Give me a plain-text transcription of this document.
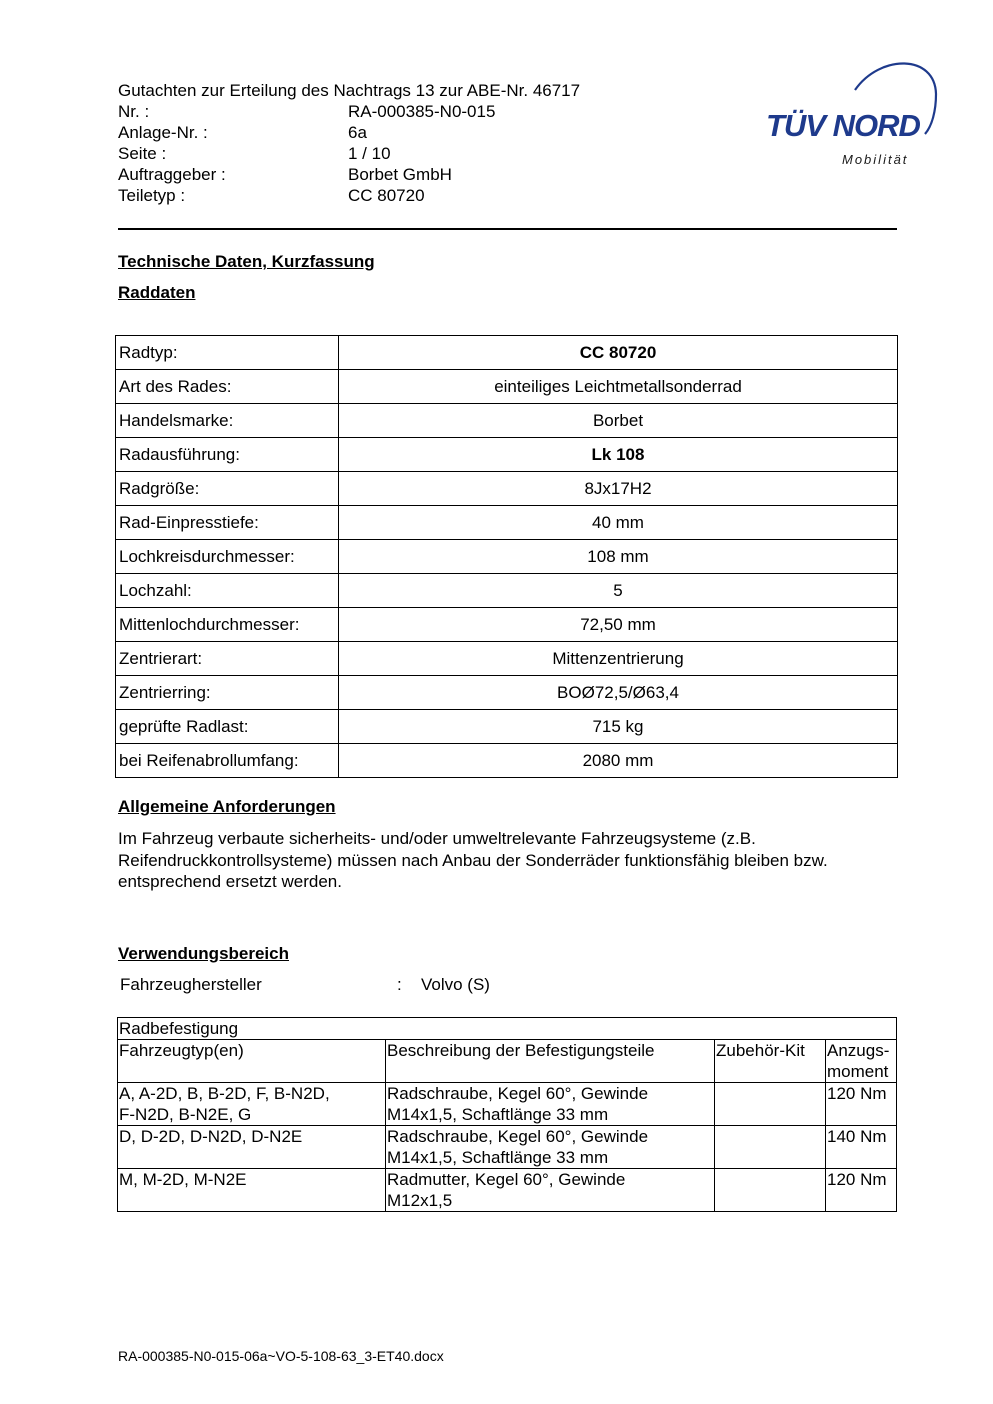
Gutachten zur Erteilung des Nachtrags 13 zur ABE-Nr. 46717
Nr. :	RA-000385-N0-015
Anlage-Nr. :	6a
Seite :	1 / 10
Auftraggeber :	Borbet GmbH
Teiletyp :	CC 80720
TÜV NORD
Mobilität
Technische Daten, Kurzfassung
Raddaten
Radtyp:	CC 80720
Art des Rades:	einteiliges Leichtmetallsonderrad
Handelsmarke:	Borbet
Radausführung:	Lk 108
Radgröße:	8Jx17H2
Rad-Einpresstiefe:	40 mm
Lochkreisdurchmesser:	108 mm
Lochzahl:	5
Mittenlochdurchmesser:	72,50 mm
Zentrierart:	Mittenzentrierung
Zentrierring:	BOØ72,5/Ø63,4
geprüfte Radlast:	715 kg
bei Reifenabrollumfang:	2080 mm
Allgemeine Anforderungen
Im Fahrzeug verbaute sicherheits- und/oder umweltrelevante Fahrzeugsysteme (z.B.
Reifendruckkontrollsysteme) müssen nach Anbau der Sonderräder funktionsfähig bleiben bzw.
entsprechend ersetzt werden.
Verwendungsbereich
Fahrzeughersteller	: Volvo (S)
Radbefestigung			
Fahrzeugtyp(en)	Beschreibung der Befestigungsteile	Zubehör-Kit	Anzugs-
moment
A, A-2D, B, B-2D, F, B-N2D,
F-N2D, B-N2E, G	Radschraube, Kegel 60°, Gewinde
M14x1,5, Schaftlänge 33 mm		120 Nm
D, D-2D, D-N2D, D-N2E	Radschraube, Kegel 60°, Gewinde
M14x1,5, Schaftlänge 33 mm		140 Nm
M, M-2D, M-N2E	Radmutter, Kegel 60°, Gewinde
M12x1,5		120 Nm
RA-000385-N0-015-06a~VO-5-108-63_3-ET40.docx
